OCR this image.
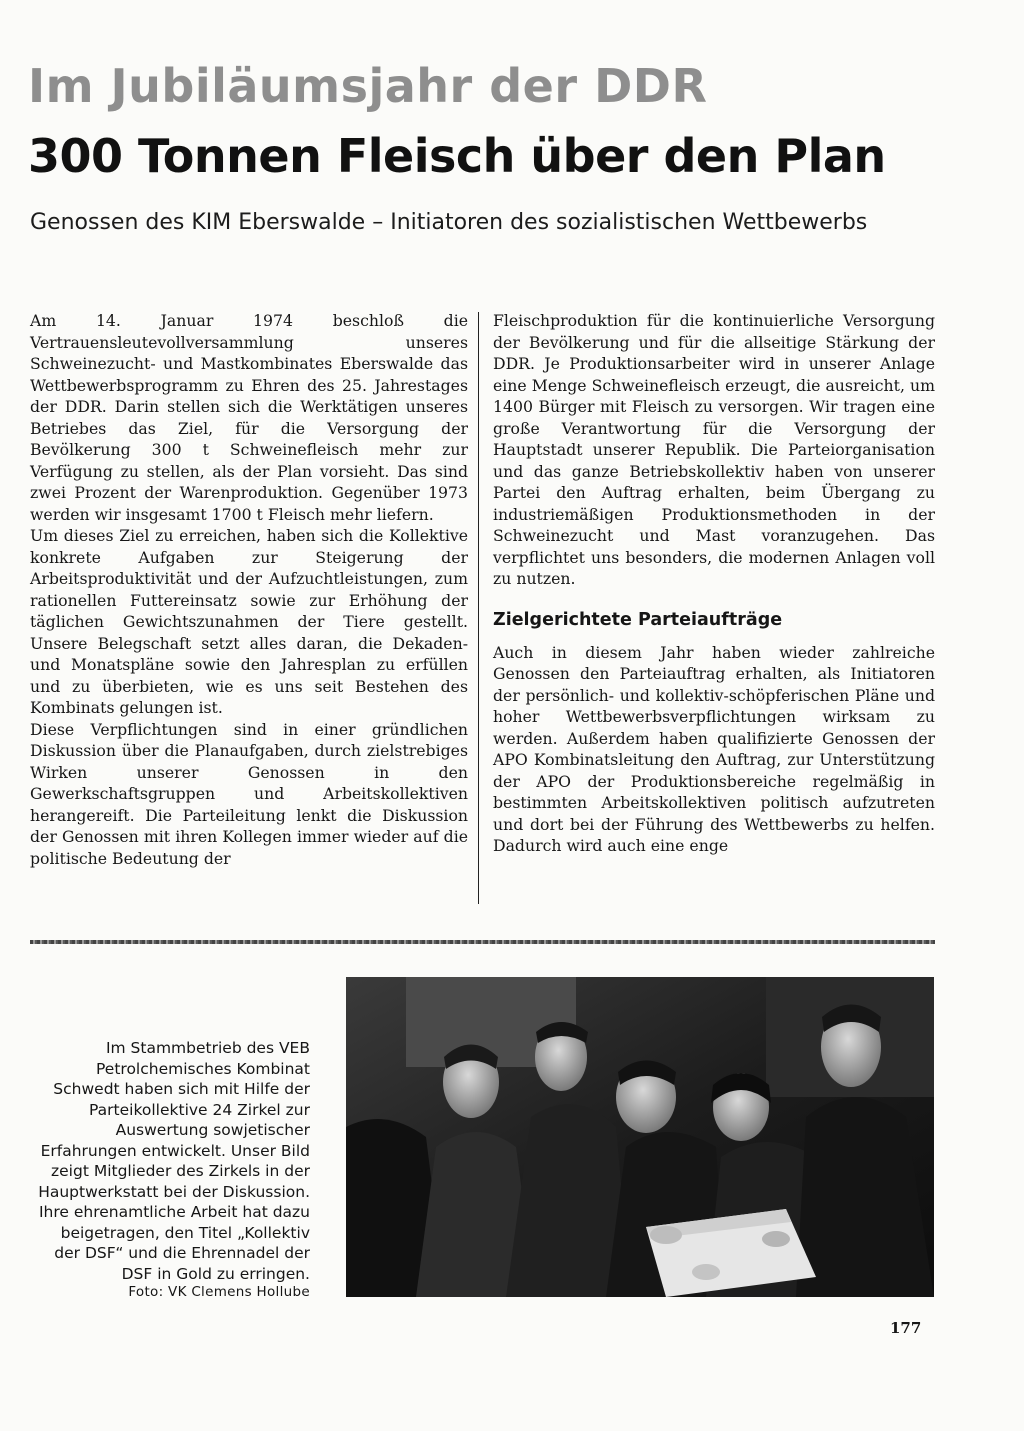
Im Jubiläumsjahr der DDR
300 Tonnen Fleisch über den Plan

Genossen des KIM Eberswalde – Initiatoren des sozialistischen Wettbewerbs

Am 14. Januar 1974 beschloß die Vertrauensleutevollversammlung unseres Schweinezucht- und Mastkombinates Eberswalde das Wettbewerbsprogramm zu Ehren des 25. Jahrestages der DDR. Darin stellen sich die Werktätigen unseres Betriebes das Ziel, für die Versorgung der Bevölkerung 300 t Schweinefleisch mehr zur Verfügung zu stellen, als der Plan vorsieht. Das sind zwei Prozent der Warenproduktion. Gegenüber 1973 werden wir insgesamt 1700 t Fleisch mehr liefern.

Um dieses Ziel zu erreichen, haben sich die Kollektive konkrete Aufgaben zur Steigerung der Arbeitsproduktivität und der Aufzuchtleistungen, zum rationellen Futtereinsatz sowie zur Erhöhung der täglichen Gewichtszunahmen der Tiere gestellt. Unsere Belegschaft setzt alles daran, die Dekaden- und Monatspläne sowie den Jahresplan zu erfüllen und zu überbieten, wie es uns seit Bestehen des Kombinats gelungen ist.

Diese Verpflichtungen sind in einer gründlichen Diskussion über die Planaufgaben, durch zielstrebiges Wirken unserer Genossen in den Gewerkschaftsgruppen und Arbeitskollektiven herangereift. Die Parteileitung lenkt die Diskussion der Genossen mit ihren Kollegen immer wieder auf die politische Bedeutung der

Fleischproduktion für die kontinuierliche Versorgung der Bevölkerung und für die allseitige Stärkung der DDR. Je Produktionsarbeiter wird in unserer Anlage eine Menge Schweinefleisch erzeugt, die ausreicht, um 1400 Bürger mit Fleisch zu versorgen. Wir tragen eine große Verantwortung für die Versorgung der Hauptstadt unserer Republik. Die Parteiorganisation und das ganze Betriebskollektiv haben von unserer Partei den Auftrag erhalten, beim Übergang zu industriemäßigen Produktionsmethoden in der Schweinezucht und Mast voranzugehen. Das verpflichtet uns besonders, die modernen Anlagen voll zu nutzen.

Zielgerichtete Parteiaufträge

Auch in diesem Jahr haben wieder zahlreiche Genossen den Parteiauftrag erhalten, als Initiatoren der persönlich- und kollektiv-schöpferischen Pläne und hoher Wettbewerbsverpflichtungen wirksam zu werden. Außerdem haben qualifizierte Genossen der APO Kombinatsleitung den Auftrag, zur Unterstützung der APO der Produktionsbereiche regelmäßig in bestimmten Arbeitskollektiven politisch aufzutreten und dort bei der Führung des Wettbewerbs zu helfen. Dadurch wird auch eine enge

Im Stammbetrieb des VEB Petrolchemisches Kombinat Schwedt haben sich mit Hilfe der Parteikollektive 24 Zirkel zur Auswertung sowjetischer Erfahrungen entwickelt. Unser Bild zeigt Mitglieder des Zirkels in der Hauptwerkstatt bei der Diskussion. Ihre ehrenamtliche Arbeit hat dazu beigetragen, den Titel „Kollektiv der DSF“ und die Ehrennadel der DSF in Gold zu erringen.

Foto: VK Clemens Hollube

177
